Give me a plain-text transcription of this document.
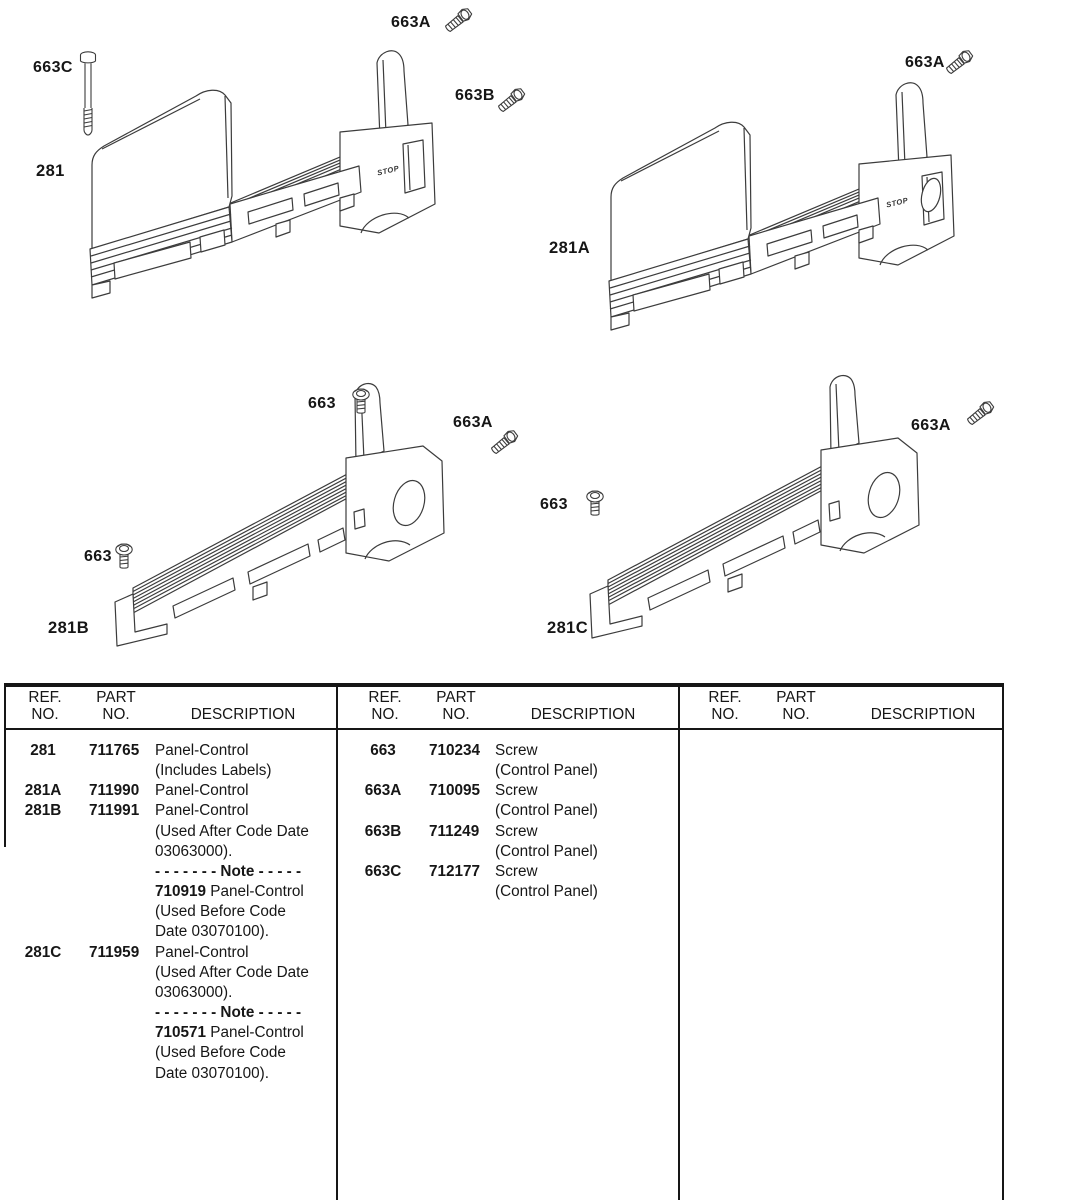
STOP
663A
663C
663B
281
STOP
663A
281A
663
663A
663
281B
663A
663
281C
REF.
NO.
PART
NO.	DESCRIPTION
REF.
NO.
PART
NO.	DESCRIPTION
REF.
NO.
PART
NO.	DESCRIPTION
281	711765	Panel-Control
(Includes Labels)
281A	711990	Panel-Control
281B	711991	Panel-Control
(Used After Code Date
03063000).
- - - - - - - Note - - - - -
710919 Panel-Control
(Used Before Code
Date 03070100).
281C	711959	Panel-Control
(Used After Code Date
03063000).
- - - - - - - Note - - - - -
710571 Panel-Control
(Used Before Code
Date 03070100).
663	710234 Screw
(Control Panel)
663A	710095 Screw
(Control Panel)
663B	711249	Screw
(Control Panel)
663C	712177 Screw
(Control Panel)
